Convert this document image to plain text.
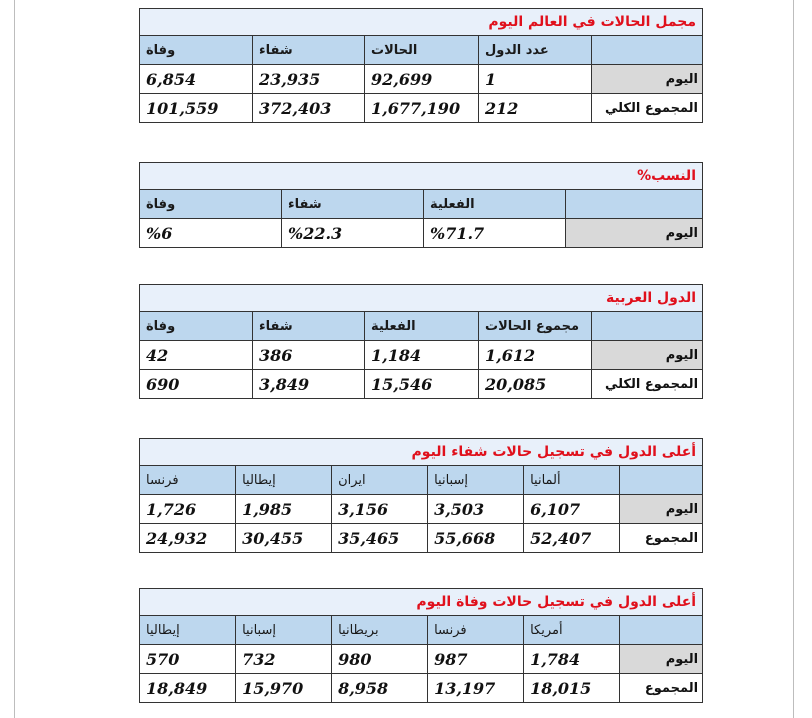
مجمل الحالات في العالم اليوم				
	عدد الدول	الحالات	شفاء	وفاة
اليوم	1	92,699	23,935	6,854
المجموع الكلي	212	1,677,190	372,403	101,559
النسب%			
	الفعلية	شفاء	وفاة
اليوم	%71.7	%22.3	%6
الدول العربية				
	مجموع الحالات	الفعلية	شفاء	وفاة
اليوم	1,612	1,184	386	42
المجموع الكلي	20,085	15,546	3,849	690
أعلى الدول في تسجيل حالات شفاء اليوم					
	ألمانيا	إسبانيا	ايران	إيطاليا	فرنسا
اليوم	6,107	3,503	3,156	1,985	1,726
المجموع	52,407	55,668	35,465	30,455	24,932
أعلى الدول في تسجيل حالات وفاة اليوم					
	أمريكا	فرنسا	بريطانيا	إسبانيا	إيطاليا
اليوم	1,784	987	980	732	570
المجموع	18,015	13,197	8,958	15,970	18,849
